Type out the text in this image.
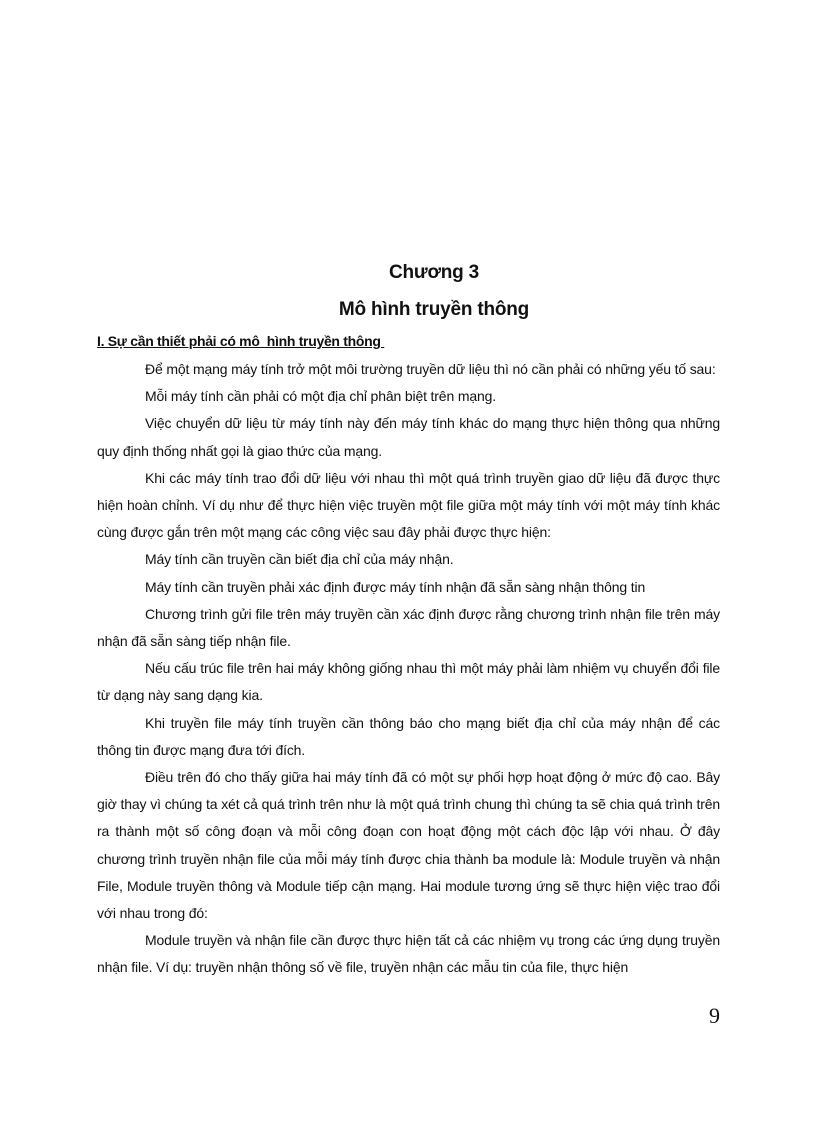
Chương 3
Mô hình truyền thông
I. Sự cần thiết phải có mô  hình truyền thông

Để một mạng máy tính trở một môi trường truyền dữ liệu thì nó cần phải có những yếu tố sau:

Mỗi máy tính cần phải có một địa chỉ phân biệt trên mạng.

Việc chuyển dữ liệu từ máy tính này đến máy tính khác do mạng thực hiện thông qua những quy định thống nhất gọi là giao thức của mạng.

Khi các máy tính trao đổi dữ liệu với nhau thì một quá trình truyền giao dữ liệu đã được thực hiện hoàn chỉnh. Ví dụ như để thực hiện việc truyền một file giữa một máy tính với một máy tính khác cùng được gắn trên một mạng các công việc sau đây phải được thực hiện:

Máy tính cần truyền cần biết địa chỉ của máy nhận.

Máy tính cần truyền phải xác định được máy tính nhận đã sẵn sàng nhận thông tin

Chương trình gửi file trên máy truyền cần xác định được rằng chương trình nhận file trên máy nhận đã sẵn sàng tiếp nhận file.

Nếu cấu trúc file trên hai máy không giống nhau thì một máy phải làm nhiệm vụ chuyển đổi file từ dạng này sang dạng kia.

Khi truyền file máy tính truyền cần thông báo cho mạng biết địa chỉ của máy nhận để các thông tin được mạng đưa tới đích.

Điều trên đó cho thấy giữa hai máy tính đã có một sự phối hợp hoạt động ở mức độ cao. Bây giờ thay vì chúng ta xét cả quá trình trên như là một quá trình chung thì chúng ta sẽ chia quá trình trên ra thành một số công đoạn và mỗi công đoạn con hoạt động một cách độc lập với nhau. Ở đây chương trình truyền nhận file của mỗi máy tính được chia thành ba module là: Module truyền và nhận File, Module truyền thông và Module tiếp cận mạng. Hai module tương ứng sẽ thực hiện việc trao đổi với nhau trong đó:

Module truyền và nhận file cần được thực hiện tất cả các nhiệm vụ trong các ứng dụng truyền nhận file. Ví dụ: truyền nhận thông số về file, truyền nhận các mẫu tin của file, thực hiện

9
